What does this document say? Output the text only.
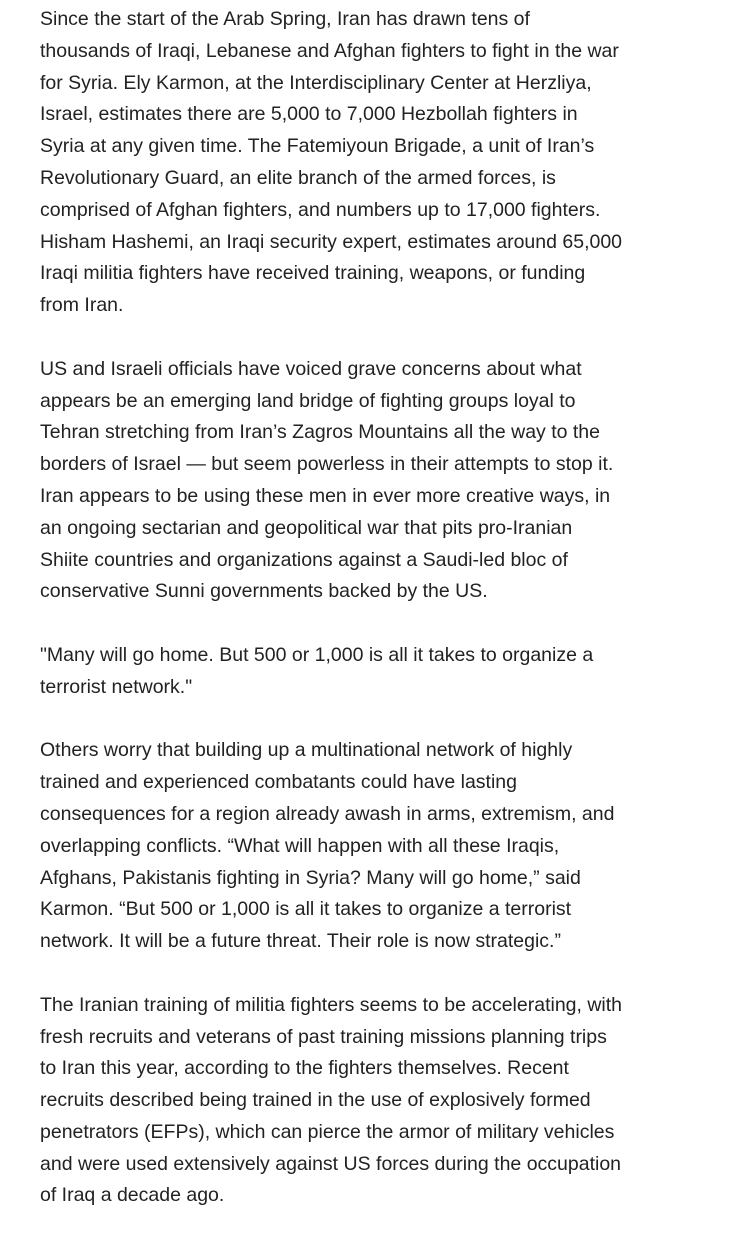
Since the start of the Arab Spring, Iran has drawn tens of
thousands of Iraqi, Lebanese and Afghan fighters to fight in the war
for Syria. Ely Karmon, at the Interdisciplinary Center at Herzliya,
Israel, estimates there are 5,000 to 7,000 Hezbollah fighters in
Syria at any given time. The Fatemiyoun Brigade, a unit of Iran’s
Revolutionary Guard, an elite branch of the armed forces, is
comprised of Afghan fighters, and numbers up to 17,000 fighters.
Hisham Hashemi, an Iraqi security expert, estimates around 65,000
Iraqi militia fighters have received training, weapons, or funding
from Iran.

US and Israeli officials have voiced grave concerns about what
appears be an emerging land bridge of fighting groups loyal to
Tehran stretching from Iran’s Zagros Mountains all the way to the
borders of Israel — but seem powerless in their attempts to stop it.
Iran appears to be using these men in ever more creative ways, in
an ongoing sectarian and geopolitical war that pits pro-Iranian
Shiite countries and organizations against a Saudi-led bloc of
conservative Sunni governments backed by the US.

"Many will go home. But 500 or 1,000 is all it takes to organize a
terrorist network."

Others worry that building up a multinational network of highly
trained and experienced combatants could have lasting
consequences for a region already awash in arms, extremism, and
overlapping conflicts. “What will happen with all these Iraqis,
Afghans, Pakistanis fighting in Syria? Many will go home,” said
Karmon. “But 500 or 1,000 is all it takes to organize a terrorist
network. It will be a future threat. Their role is now strategic.”

The Iranian training of militia fighters seems to be accelerating, with
fresh recruits and veterans of past training missions planning trips
to Iran this year, according to the fighters themselves. Recent
recruits described being trained in the use of explosively formed
penetrators (EFPs), which can pierce the armor of military vehicles
and were used extensively against US forces during the occupation
of Iraq a decade ago.
